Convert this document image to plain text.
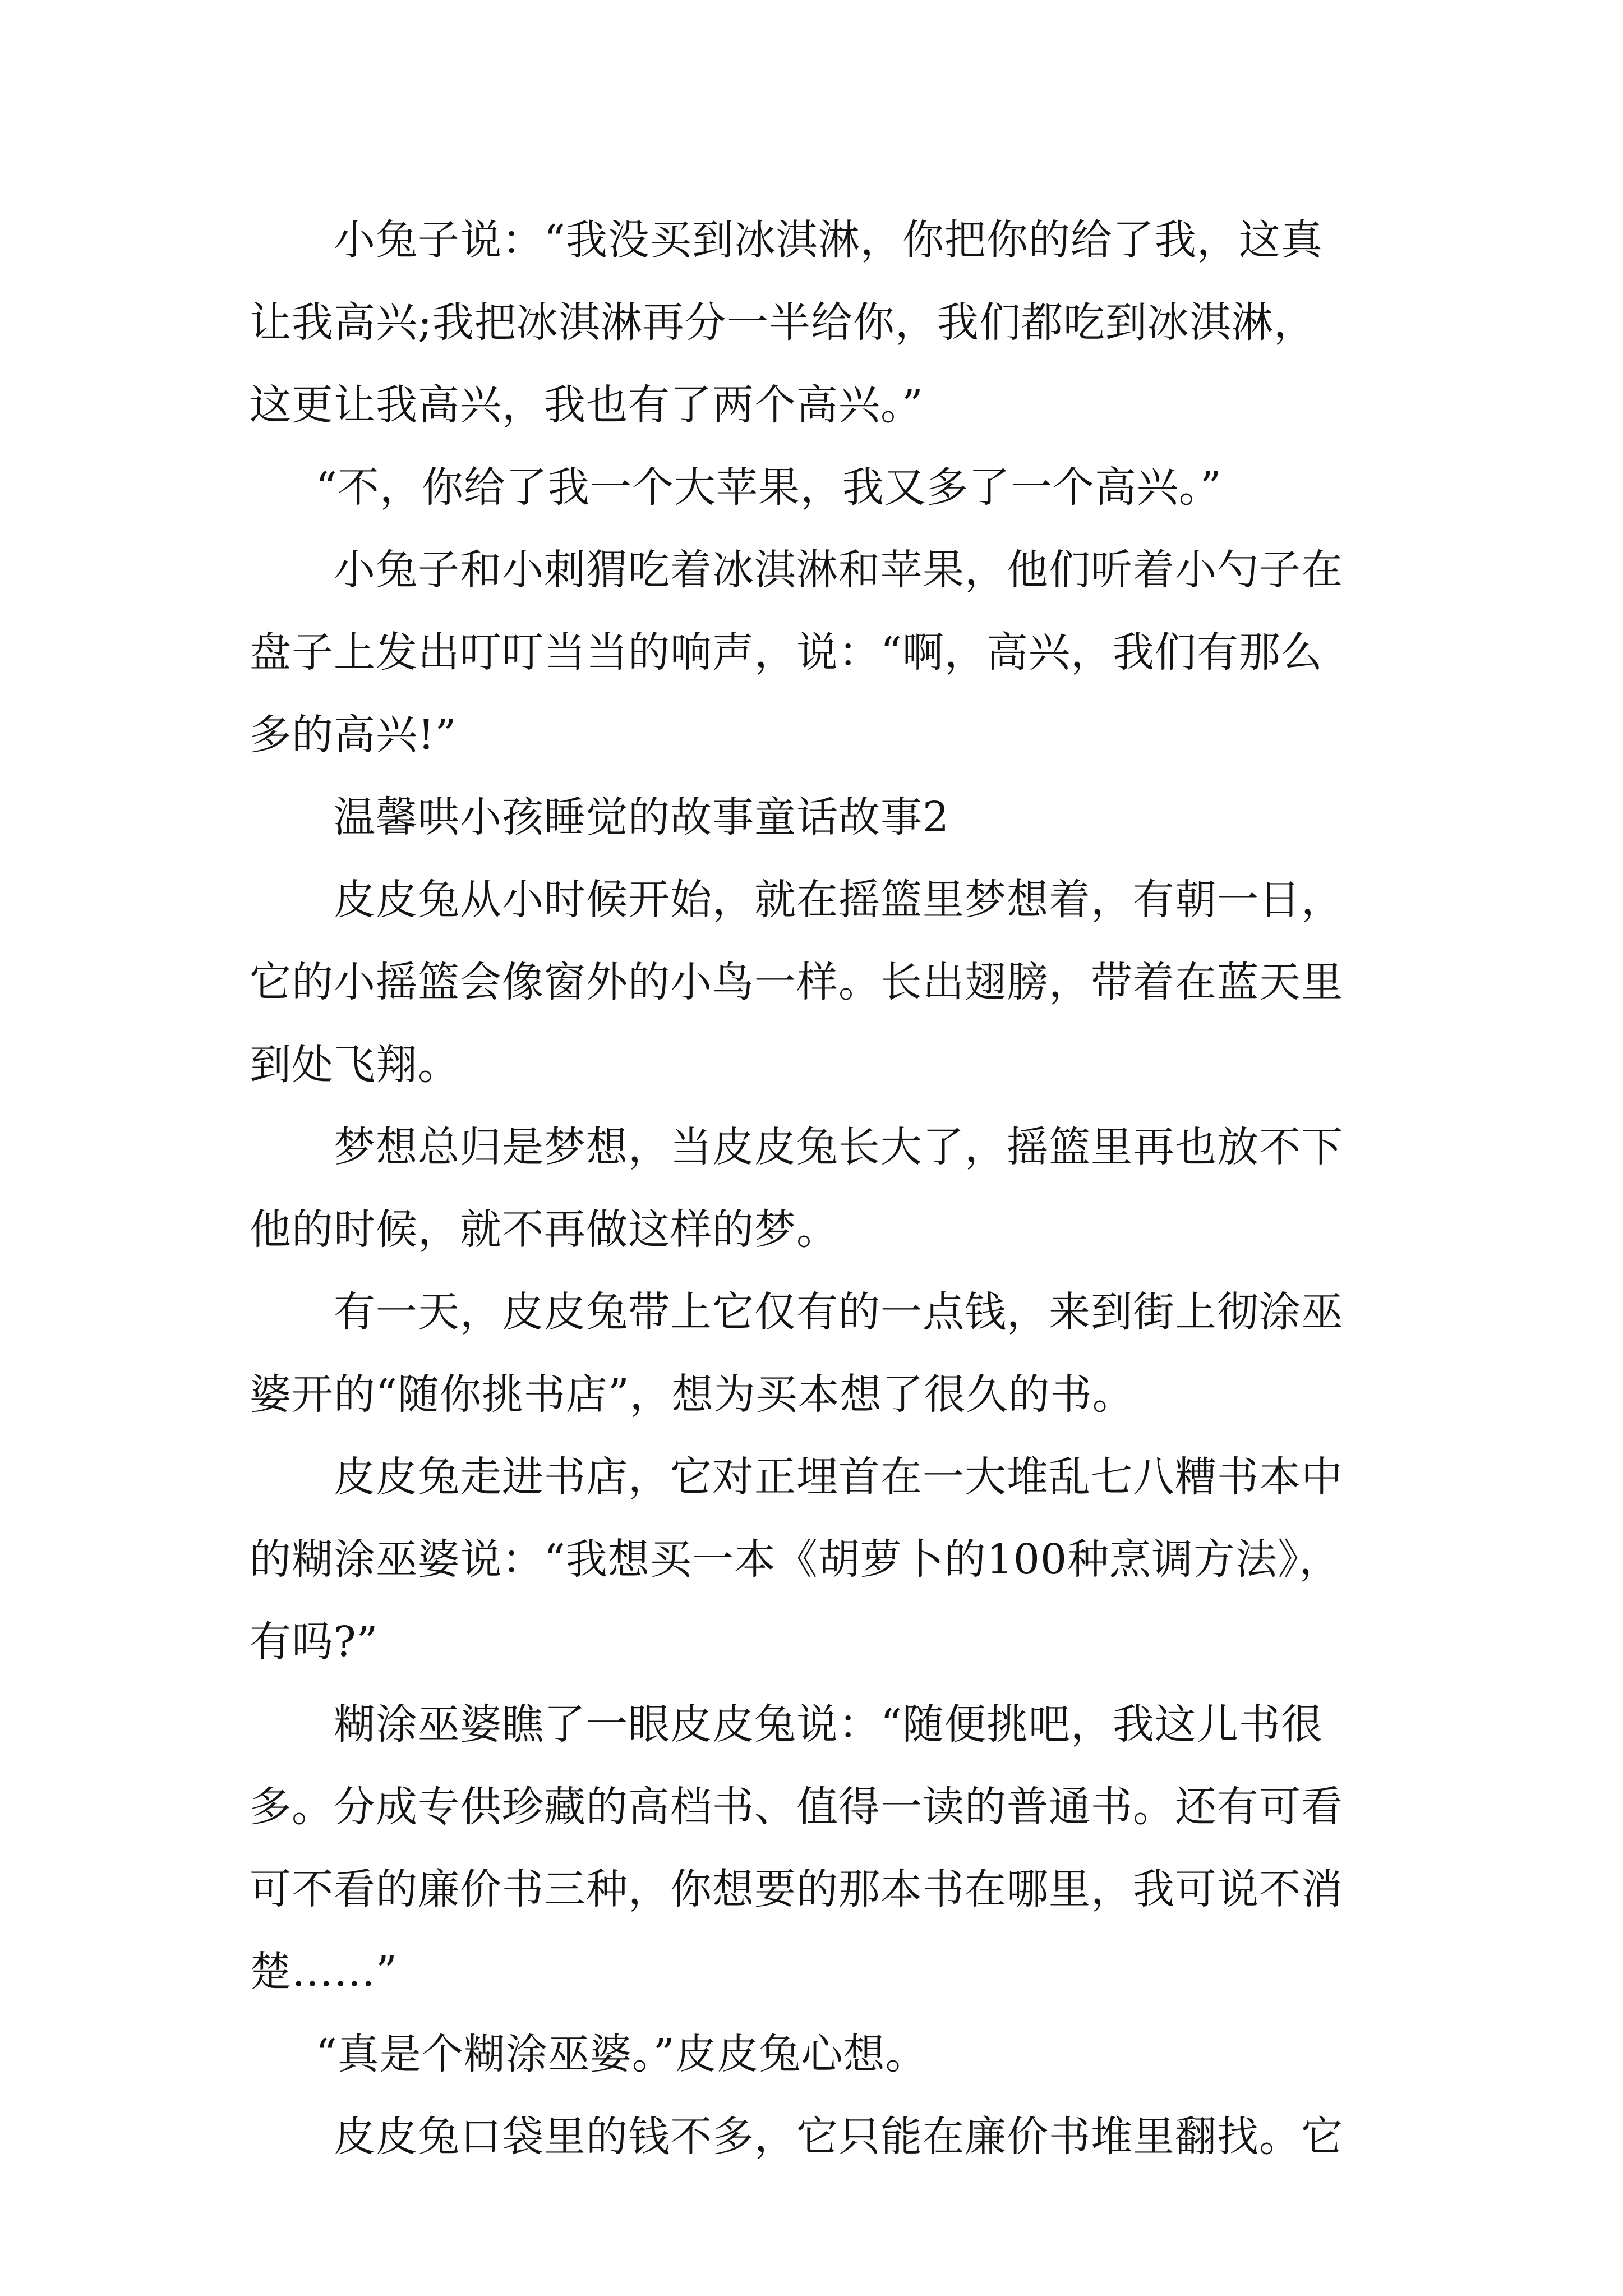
小兔子说：“我没买到冰淇淋，你把你的给了我，这真
让我高兴;我把冰淇淋再分一半给你，我们都吃到冰淇淋，
这更让我高兴，我也有了两个高兴。”
“不，你给了我一个大苹果，我又多了一个高兴。”
小兔子和小刺猬吃着冰淇淋和苹果，他们听着小勺子在
盘子上发出叮叮当当的响声，说：“啊，高兴，我们有那么
多的高兴!”
温馨哄小孩睡觉的故事童话故事2
皮皮兔从小时候开始，就在摇篮里梦想着，有朝一日，
它的小摇篮会像窗外的小鸟一样。长出翅膀，带着在蓝天里
到处飞翔。
梦想总归是梦想，当皮皮兔长大了，摇篮里再也放不下
他的时候，就不再做这样的梦。
有一天，皮皮兔带上它仅有的一点钱，来到街上彻涂巫
婆开的“随你挑书店”，想为买本想了很久的书。
皮皮兔走进书店，它对正埋首在一大堆乱七八糟书本中
的糊涂巫婆说：“我想买一本《胡萝卜的100种烹调方法》，
有吗?”
糊涂巫婆瞧了一眼皮皮兔说：“随便挑吧，我这儿书很
多。分成专供珍藏的高档书、值得一读的普通书。还有可看
可不看的廉价书三种，你想要的那本书在哪里，我可说不消
楚……”
“真是个糊涂巫婆。”皮皮兔心想。
皮皮兔口袋里的钱不多，它只能在廉价书堆里翻找。它
